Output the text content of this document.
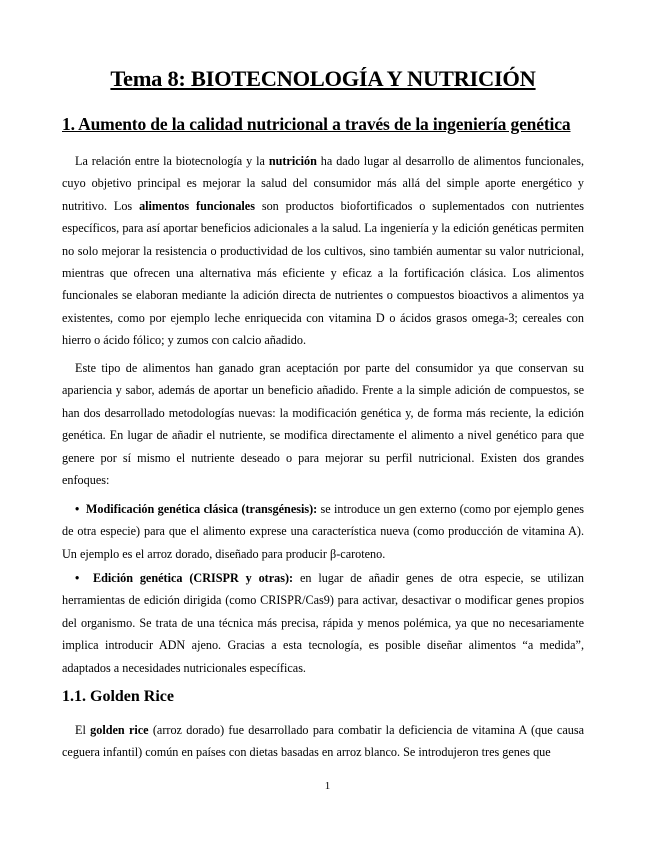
Tema 8: BIOTECNOLOGÍA Y NUTRICIÓN
1. Aumento de la calidad nutricional a través de la ingeniería genética

La relación entre la biotecnología y la nutrición ha dado lugar al desarrollo de alimentos funcionales, cuyo objetivo principal es mejorar la salud del consumidor más allá del simple aporte energético y nutritivo. Los alimentos funcionales son productos biofortificados o suplementados con nutrientes específicos, para así aportar beneficios adicionales a la salud. La ingeniería y la edición genéticas permiten no solo mejorar la resistencia o productividad de los cultivos, sino también aumentar su valor nutricional, mientras que ofrecen una alternativa más eficiente y eficaz a la fortificación clásica. Los alimentos funcionales se elaboran mediante la adición directa de nutrientes o compuestos bioactivos a alimentos ya existentes, como por ejemplo leche enriquecida con vitamina D o ácidos grasos omega-3; cereales con hierro o ácido fólico; y zumos con calcio añadido.

Este tipo de alimentos han ganado gran aceptación por parte del consumidor ya que conservan su apariencia y sabor, además de aportar un beneficio añadido. Frente a la simple adición de compuestos, se han dos desarrollado metodologías nuevas: la modificación genética y, de forma más reciente, la edición genética. En lugar de añadir el nutriente, se modifica directamente el alimento a nivel genético para que genere por sí mismo el nutriente deseado o para mejorar su perfil nutricional. Existen dos grandes enfoques:

• Modificación genética clásica (transgénesis): se introduce un gen externo (como por ejemplo genes de otra especie) para que el alimento exprese una característica nueva (como producción de vitamina A). Un ejemplo es el arroz dorado, diseñado para producir β-caroteno.

• Edición genética (CRISPR y otras): en lugar de añadir genes de otra especie, se utilizan herramientas de edición dirigida (como CRISPR/Cas9) para activar, desactivar o modificar genes propios del organismo. Se trata de una técnica más precisa, rápida y menos polémica, ya que no necesariamente implica introducir ADN ajeno. Gracias a esta tecnología, es posible diseñar alimentos “a medida”, adaptados a necesidades nutricionales específicas.

1.1. Golden Rice

El golden rice (arroz dorado) fue desarrollado para combatir la deficiencia de vitamina A (que causa ceguera infantil) común en países con dietas basadas en arroz blanco. Se introdujeron tres genes que

1
